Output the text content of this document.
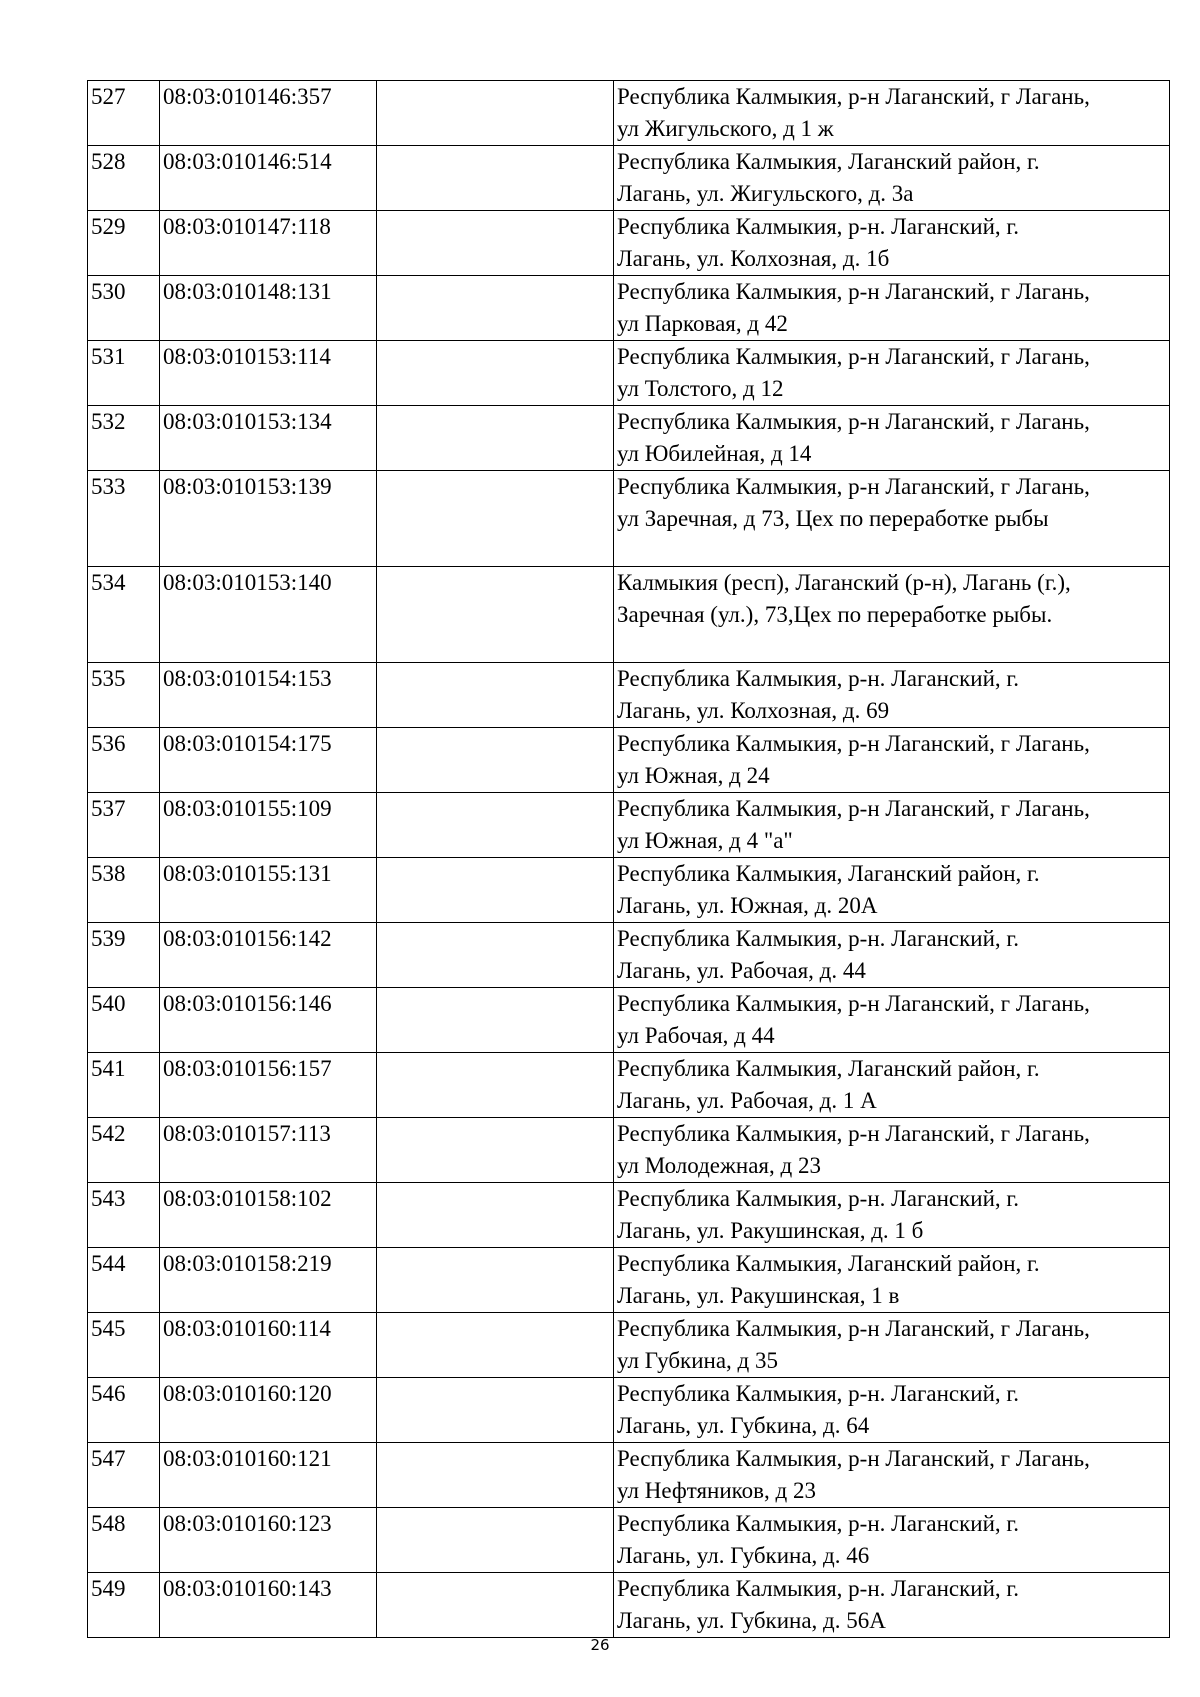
527	08:03:010146:357		Республика Калмыкия, р-н Лаганский, г Лагань,
ул Жигульского, д 1 ж
528	08:03:010146:514		Республика Калмыкия, Лаганский район, г.
Лагань, ул. Жигульского, д. 3а
529	08:03:010147:118		Республика Калмыкия, р-н. Лаганский, г.
Лагань, ул. Колхозная, д. 1б
530	08:03:010148:131		Республика Калмыкия, р-н Лаганский, г Лагань,
ул Парковая, д 42
531	08:03:010153:114		Республика Калмыкия, р-н Лаганский, г Лагань,
ул Толстого, д 12
532	08:03:010153:134		Республика Калмыкия, р-н Лаганский, г Лагань,
ул Юбилейная, д 14
533	08:03:010153:139		Республика Калмыкия, р-н Лаганский, г Лагань,
ул Заречная, д 73, Цех по переработке рыбы
534	08:03:010153:140		Калмыкия (респ), Лаганский (р-н), Лагань (г.),
Заречная (ул.), 73,Цех по переработке рыбы.
535	08:03:010154:153		Республика Калмыкия, р-н. Лаганский, г.
Лагань, ул. Колхозная, д. 69
536	08:03:010154:175		Республика Калмыкия, р-н Лаганский, г Лагань,
ул Южная, д 24
537	08:03:010155:109		Республика Калмыкия, р-н Лаганский, г Лагань,
ул Южная, д 4 "а"
538	08:03:010155:131		Республика Калмыкия, Лаганский район, г.
Лагань, ул. Южная, д. 20А
539	08:03:010156:142		Республика Калмыкия, р-н. Лаганский, г.
Лагань, ул. Рабочая, д. 44
540	08:03:010156:146		Республика Калмыкия, р-н Лаганский, г Лагань,
ул Рабочая, д 44
541	08:03:010156:157		Республика Калмыкия, Лаганский район, г.
Лагань, ул. Рабочая, д. 1 А
542	08:03:010157:113		Республика Калмыкия, р-н Лаганский, г Лагань,
ул Молодежная, д 23
543	08:03:010158:102		Республика Калмыкия, р-н. Лаганский, г.
Лагань, ул. Ракушинская, д. 1 б
544	08:03:010158:219		Республика Калмыкия, Лаганский район, г.
Лагань, ул. Ракушинская, 1 в
545	08:03:010160:114		Республика Калмыкия, р-н Лаганский, г Лагань,
ул Губкина, д 35
546	08:03:010160:120		Республика Калмыкия, р-н. Лаганский, г.
Лагань, ул. Губкина, д. 64
547	08:03:010160:121		Республика Калмыкия, р-н Лаганский, г Лагань,
ул Нефтяников, д 23
548	08:03:010160:123		Республика Калмыкия, р-н. Лаганский, г.
Лагань, ул. Губкина, д. 46
549	08:03:010160:143		Республика Калмыкия, р-н. Лаганский, г.
Лагань, ул. Губкина, д. 56А
26
